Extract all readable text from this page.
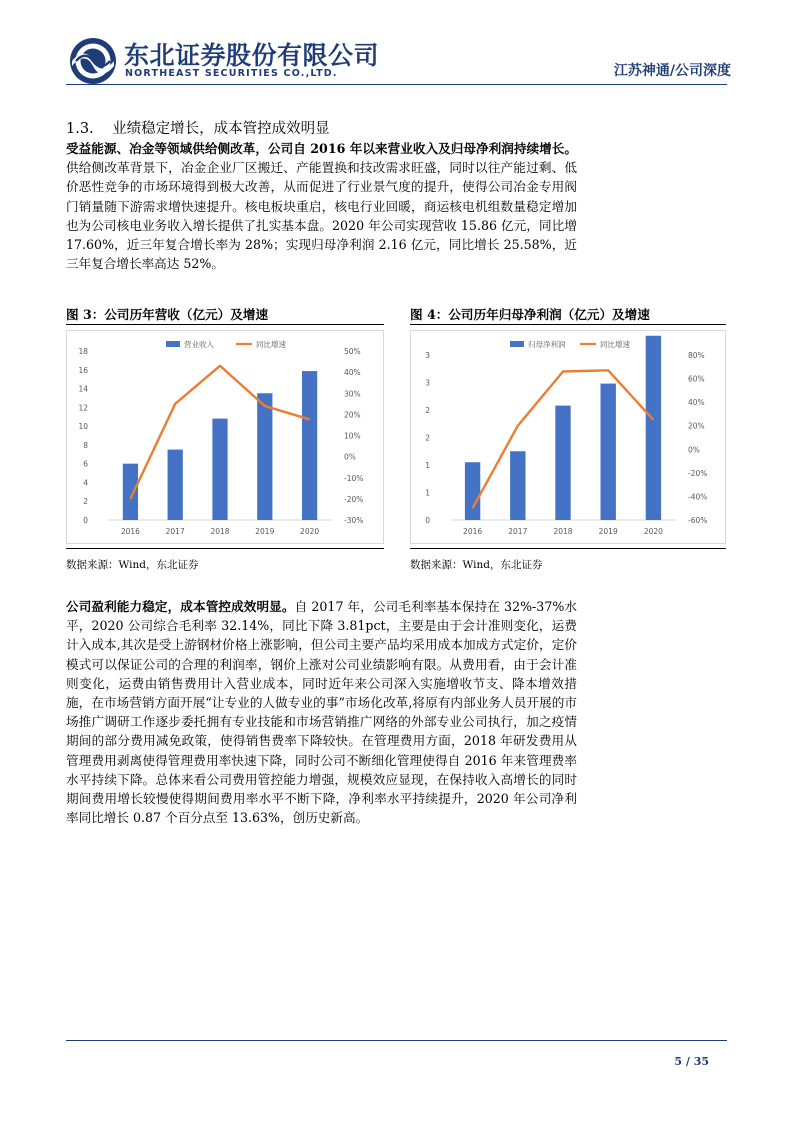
东北证券股份有限公司
NORTHEAST SECURITIES CO.,LTD.	江苏神通/公司深度
1.3. 业绩稳定增长，成本管控成效明显
受益能源、冶金等领域供给侧改革，公司自 2016 年以来营业收入及归母净利润持续增长。供给侧改革背景下，冶金企业厂区搬迁、产能置换和技改需求旺盛，同时以往产能过剩、低价恶性竞争的市场环境得到极大改善，从而促进了行业景气度的提升，使得公司冶金专用阀门销量随下游需求增快速提升。核电板块重启，核电行业回暖，商运核电机组数量稳定增加也为公司核电业务收入增长提供了扎实基本盘。2020 年公司实现营收 15.86 亿元，同比增 17.60%，近三年复合增长率为 28%；实现归母净利润 2.16 亿元，同比增长 25.58%，近三年复合增长率高达 52%。
图 3：公司历年营收（亿元）及增速
0
2
4
6
8
10
12
14
16
18
-30%
-20%
-10%
0%
10%
20%
30%
40%
50%
2016	2017	2018	2019	2020
营业收入	同比增速
数据来源：Wind，东北证券
图 4：公司历年归母净利润（亿元）及增速
0
1
1
2
2
3
3
-60%
-40%
-20%
0%
20%
40%
60%
80%
2016	2017	2018	2019	2020
归母净利润	同比增速
数据来源：Wind，东北证券
公司盈利能力稳定，成本管控成效明显。自 2017 年，公司毛利率基本保持在 32%-37%水平，2020 公司综合毛利率 32.14%，同比下降 3.81pct，主要是由于会计准则变化，运费计入成本,其次是受上游钢材价格上涨影响，但公司主要产品均采用成本加成方式定价，定价模式可以保证公司的合理的利润率，钢价上涨对公司业绩影响有限。从费用看，由于会计准则变化，运费由销售费用计入营业成本，同时近年来公司深入实施增收节支、降本增效措施，在市场营销方面开展“让专业的人做专业的事”市场化改革,将原有内部业务人员开展的市场推广调研工作逐步委托拥有专业技能和市场营销推广网络的外部专业公司执行，加之疫情期间的部分费用减免政策，使得销售费率下降较快。在管理费用方面，2018 年研发费用从管理费用剥离使得管理费用率快速下降，同时公司不断细化管理使得自 2016 年来管理费率水平持续下降。总体来看公司费用管控能力增强，规模效应显现，在保持收入高增长的同时期间费用增长较慢使得期间费用率水平不断下降，净利率水平持续提升，2020 年公司净利率同比增长 0.87 个百分点至 13.63%，创历史新高。
5 / 35
